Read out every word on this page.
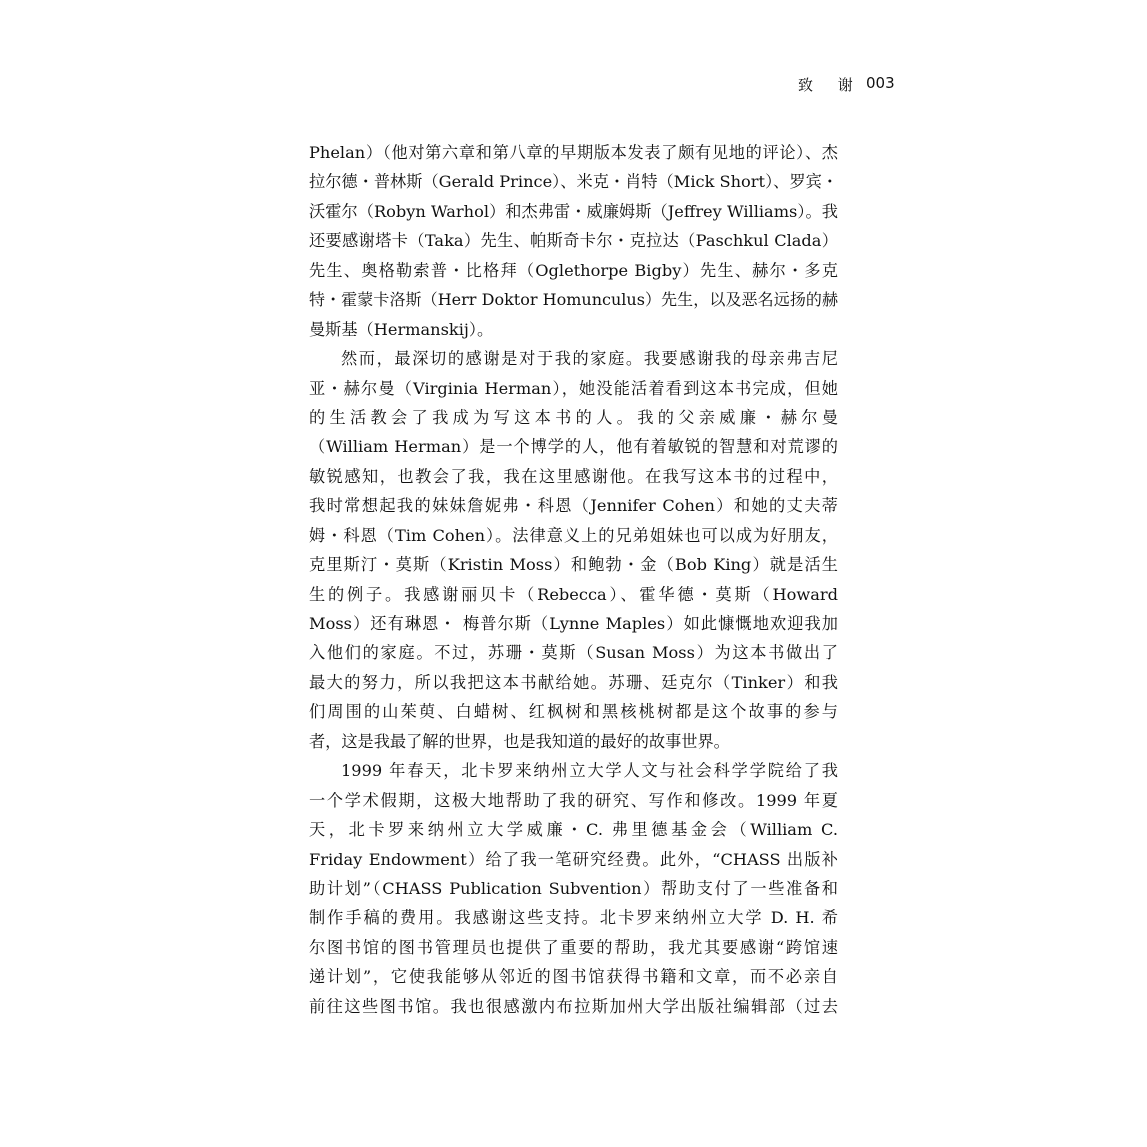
致 谢 003
Phelan）（他对第六章和第八章的早期版本发表了颇有见地的评论）、杰
拉尔德・普林斯（Gerald Prince）、米克・肖特（Mick Short）、罗宾・
沃霍尔（Robyn Warhol）和杰弗雷・威廉姆斯（Jeffrey Williams）。我
还要感谢塔卡（Taka）先生、帕斯奇卡尔・克拉达（Paschkul Clada）
先生、奥格勒索普・比格拜（Oglethorpe Bigby）先生、赫尔・多克
特・霍蒙卡洛斯（Herr Doktor Homunculus）先生，以及恶名远扬的赫
曼斯基（Hermanskij）。
然而，最深切的感谢是对于我的家庭。我要感谢我的母亲弗吉尼
亚・赫尔曼（Virginia Herman），她没能活着看到这本书完成，但她
的生活教会了我成为写这本书的人。我的父亲威廉・赫尔曼
（William Herman）是一个博学的人，他有着敏锐的智慧和对荒谬的
敏锐感知，也教会了我，我在这里感谢他。在我写这本书的过程中，
我时常想起我的妹妹詹妮弗・科恩（Jennifer Cohen）和她的丈夫蒂
姆・科恩（Tim Cohen）。法律意义上的兄弟姐妹也可以成为好朋友，
克里斯汀・莫斯（Kristin Moss）和鲍勃・金（Bob King）就是活生
生的例子。我感谢丽贝卡（Rebecca）、霍华德・莫斯（Howard
Moss）还有琳恩・ 梅普尔斯（Lynne Maples）如此慷慨地欢迎我加
入他们的家庭。不过，苏珊・莫斯（Susan Moss）为这本书做出了
最大的努力，所以我把这本书献给她。苏珊、廷克尔（Tinker）和我
们周围的山茱萸、白蜡树、红枫树和黑核桃树都是这个故事的参与
者，这是我最了解的世界，也是我知道的最好的故事世界。
1999 年春天，北卡罗来纳州立大学人文与社会科学学院给了我
一个学术假期，这极大地帮助了我的研究、写作和修改。1999 年夏
天，北卡罗来纳州立大学威廉・C. 弗里德基金会（William C.
Friday Endowment）给了我一笔研究经费。此外，“CHASS 出版补
助计划”（CHASS Publication Subvention）帮助支付了一些准备和
制作手稿的费用。我感谢这些支持。北卡罗来纳州立大学 D. H. 希
尔图书馆的图书管理员也提供了重要的帮助，我尤其要感谢“跨馆速
递计划”，它使我能够从邻近的图书馆获得书籍和文章，而不必亲自
前往这些图书馆。我也很感激内布拉斯加州大学出版社编辑部（过去
